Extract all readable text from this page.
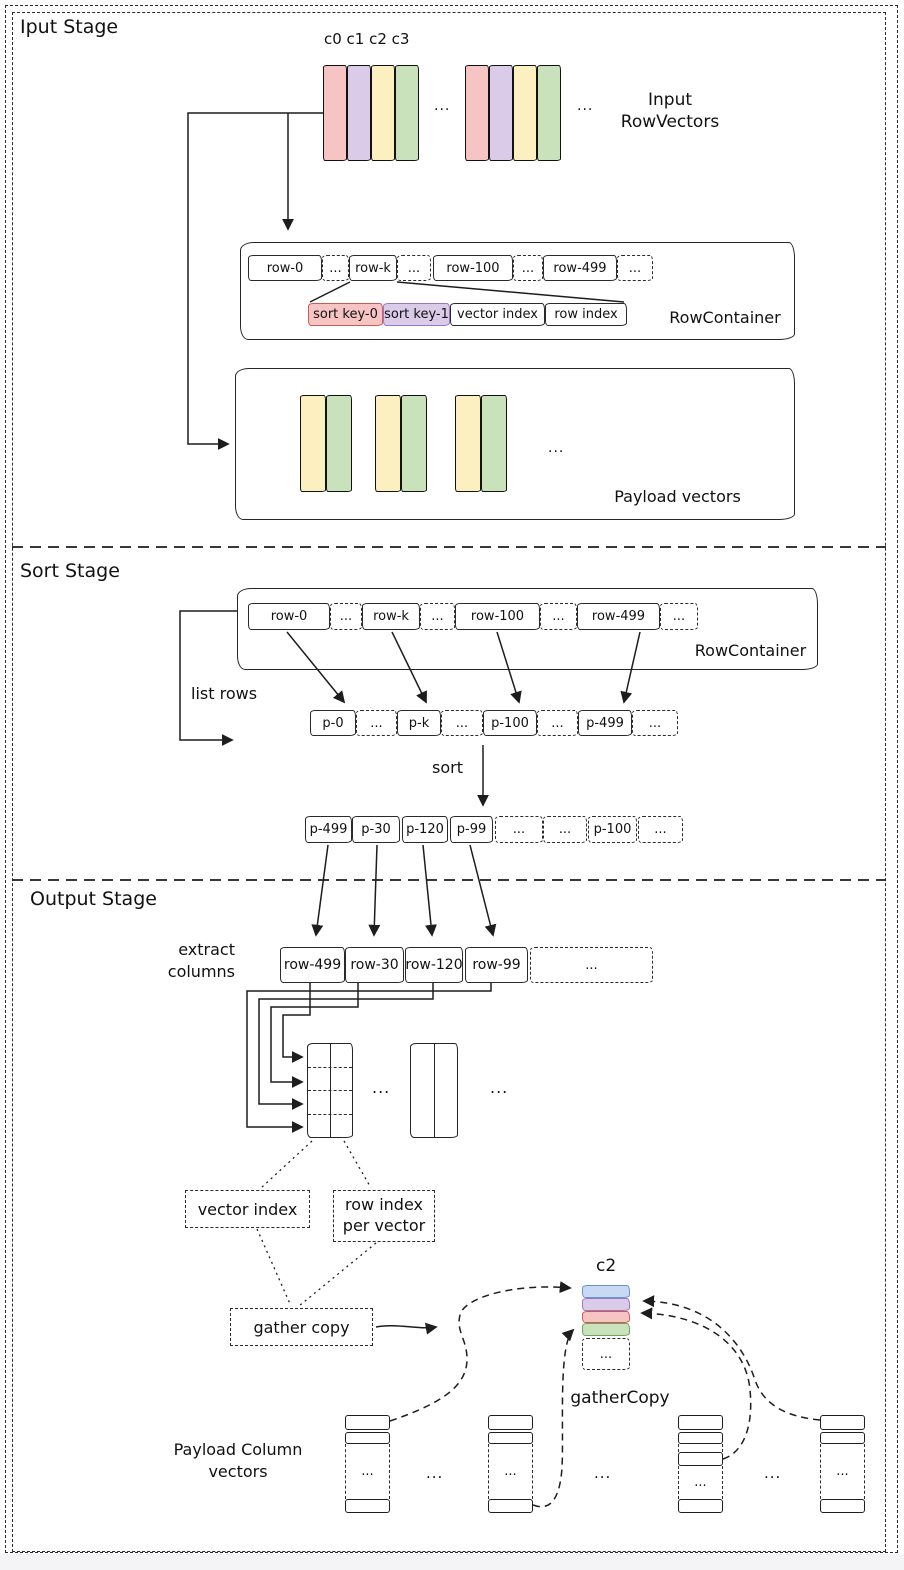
Iput Stage
c0 c1 c2 c3
...	...	Input
RowVectors
row-0	...	row-k	...	row-100	...	row-499	...
sort key-0 sort key-1 vector index	row index	RowContainer
...
Payload vectors
Sort Stage
row-0	...	row-k	...	row-100	...	row-499	...
RowContainer
list rows
p-0	...	p-k	...	p-100	...	p-499	...
sort
p-499	p-30	p-120 p-99	...	...	p-100	...
Output Stage
extract
columns	row-499 row-30 row-120 row-99	...
...	...
vector index	row index
per vector
gather copy
c2
...
gatherCopy
Payload Column
vectors	...	...	...	...
...
...	...
